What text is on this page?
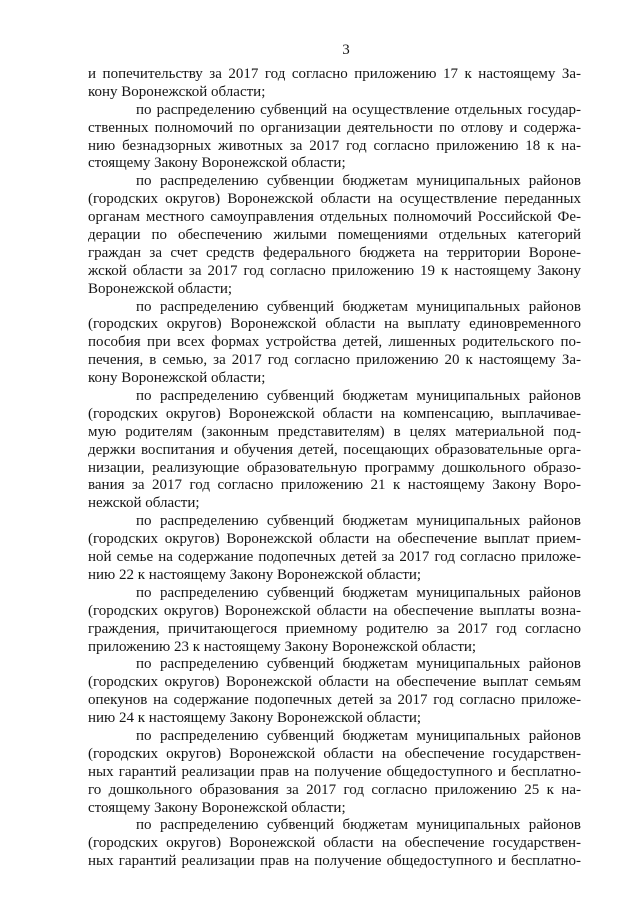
3
и попечительству за 2017 год согласно приложению 17 к настоящему За-
кону Воронежской области;
по распределению субвенций на осуществление отдельных государ-
ственных полномочий по организации деятельности по отлову и содержа-
нию безнадзорных животных за 2017 год согласно приложению 18 к на-
стоящему Закону Воронежской области;
по распределению субвенции бюджетам муниципальных районов
(городских округов) Воронежской области на осуществление переданных
органам местного самоуправления отдельных полномочий Российской Фе-
дерации по обеспечению жилыми помещениями отдельных категорий
граждан за счет средств федерального бюджета на территории Вороне-
жской области за 2017 год согласно приложению 19 к настоящему Закону
Воронежской области;
по распределению субвенций бюджетам муниципальных районов
(городских округов) Воронежской области на выплату единовременного
пособия при всех формах устройства детей, лишенных родительского по-
печения, в семью, за 2017 год согласно приложению 20 к настоящему За-
кону Воронежской области;
по распределению субвенций бюджетам муниципальных районов
(городских округов) Воронежской области на компенсацию, выплачивае-
мую родителям (законным представителям) в целях материальной под-
держки воспитания и обучения детей, посещающих образовательные орга-
низации, реализующие образовательную программу дошкольного образо-
вания за 2017 год согласно приложению 21 к настоящему Закону Воро-
нежской области;
по распределению субвенций бюджетам муниципальных районов
(городских округов) Воронежской области на обеспечение выплат прием-
ной семье на содержание подопечных детей за 2017 год согласно приложе-
нию 22 к настоящему Закону Воронежской области;
по распределению субвенций бюджетам муниципальных районов
(городских округов) Воронежской области на обеспечение выплаты возна-
граждения, причитающегося приемному родителю за 2017 год согласно
приложению 23 к настоящему Закону Воронежской области;
по распределению субвенций бюджетам муниципальных районов
(городских округов) Воронежской области на обеспечение выплат семьям
опекунов на содержание подопечных детей за 2017 год согласно приложе-
нию 24 к настоящему Закону Воронежской области;
по распределению субвенций бюджетам муниципальных районов
(городских округов) Воронежской области на обеспечение государствен-
ных гарантий реализации прав на получение общедоступного и бесплатно-
го дошкольного образования за 2017 год согласно приложению 25 к на-
стоящему Закону Воронежской области;
по распределению субвенций бюджетам муниципальных районов
(городских округов) Воронежской области на обеспечение государствен-
ных гарантий реализации прав на получение общедоступного и бесплатно-
